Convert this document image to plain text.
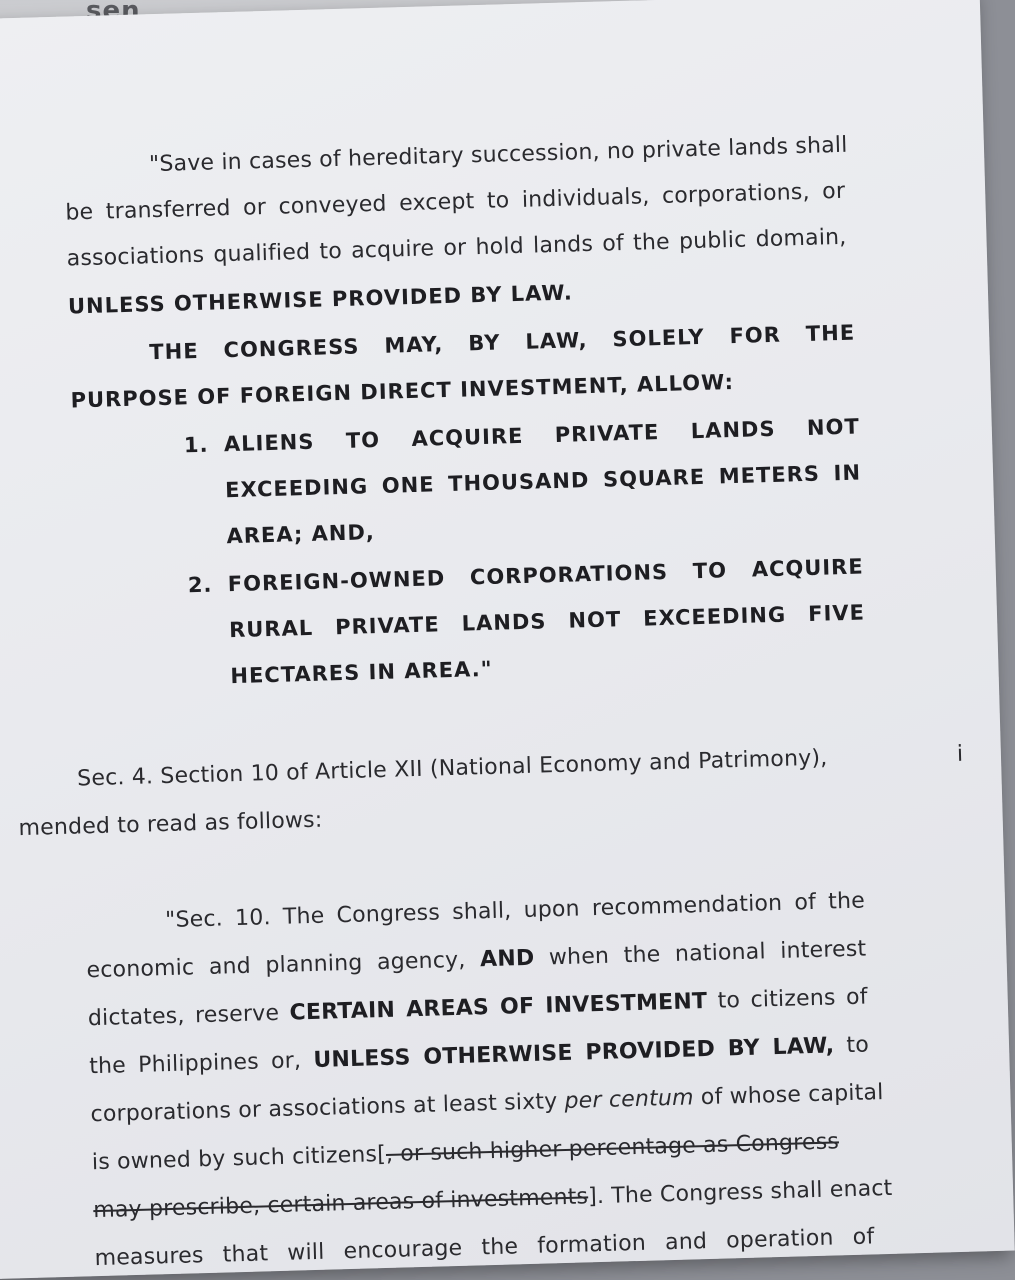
sen
"Save in cases of hereditary succession, no private lands shall
be transferred or conveyed except to individuals, corporations, or
associations qualified to acquire or hold lands of the public domain,
UNLESS OTHERWISE PROVIDED BY LAW.
THE CONGRESS MAY, BY LAW, SOLELY FOR THE
PURPOSE OF FOREIGN DIRECT INVESTMENT, ALLOW:
1. ALIENS TO ACQUIRE PRIVATE LANDS NOT
EXCEEDING ONE THOUSAND SQUARE METERS IN
AREA; AND,
2. FOREIGN-OWNED CORPORATIONS TO ACQUIRE
RURAL PRIVATE LANDS NOT EXCEEDING FIVE
HECTARES IN AREA."
Sec. 4. Section 10 of Article XII (National Economy and Patrimony),	i
mended to read as follows:
"Sec. 10. The Congress shall, upon recommendation of the
economic and planning agency, AND when the national interest
dictates, reserve CERTAIN AREAS OF INVESTMENT to citizens of
the Philippines or, UNLESS OTHERWISE PROVIDED BY LAW, to
corporations or associations at least sixty per centum of whose capital
is owned by such citizens[, or such higher percentage as Congress
may prescribe, certain areas of investments]. The Congress shall enact
measures that will encourage the formation and operation of
